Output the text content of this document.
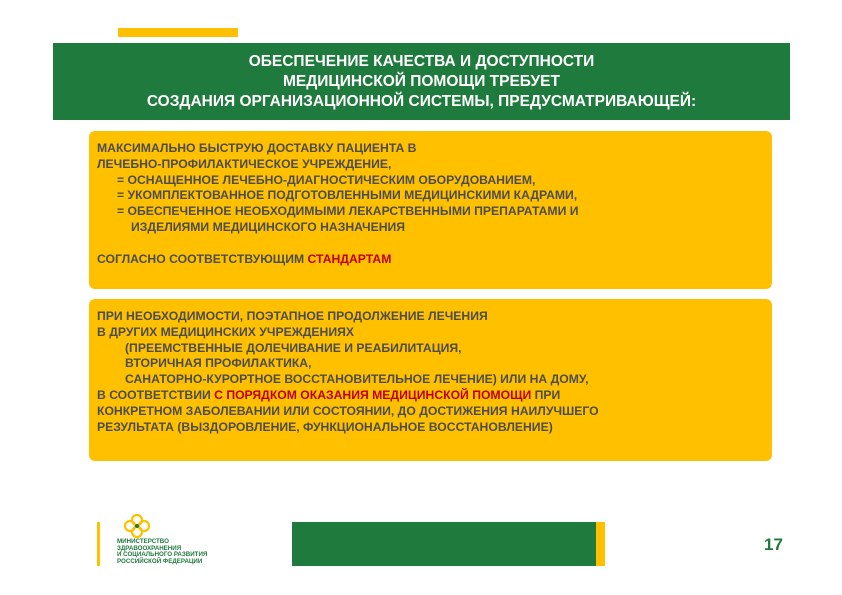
ОБЕСПЕЧЕНИЕ КАЧЕСТВА И ДОСТУПНОСТИ
МЕДИЦИНСКОЙ ПОМОЩИ ТРЕБУЕТ
СОЗДАНИЯ ОРГАНИЗАЦИОННОЙ СИСТЕМЫ, ПРЕДУСМАТРИВАЮЩЕЙ:
МАКСИМАЛЬНО БЫСТРУЮ ДОСТАВКУ ПАЦИЕНТА В
ЛЕЧЕБНО-ПРОФИЛАКТИЧЕСКОЕ УЧРЕЖДЕНИЕ,
= ОСНАЩЕННОЕ ЛЕЧЕБНО-ДИАГНОСТИЧЕСКИМ ОБОРУДОВАНИЕМ,
= УКОМПЛЕКТОВАННОЕ ПОДГОТОВЛЕННЫМИ МЕДИЦИНСКИМИ КАДРАМИ,
= ОБЕСПЕЧЕННОЕ НЕОБХОДИМЫМИ ЛЕКАРСТВЕННЫМИ ПРЕПАРАТАМИ И
ИЗДЕЛИЯМИ МЕДИЦИНСКОГО НАЗНАЧЕНИЯ
СОГЛАСНО СООТВЕТСТВУЮЩИМ СТАНДАРТАМ
ПРИ НЕОБХОДИМОСТИ, ПОЭТАПНОЕ ПРОДОЛЖЕНИЕ ЛЕЧЕНИЯ
В ДРУГИХ МЕДИЦИНСКИХ УЧРЕЖДЕНИЯХ
(ПРЕЕМСТВЕННЫЕ ДОЛЕЧИВАНИЕ И РЕАБИЛИТАЦИЯ,
ВТОРИЧНАЯ ПРОФИЛАКТИКА,
САНАТОРНО-КУРОРТНОЕ ВОССТАНОВИТЕЛЬНОЕ ЛЕЧЕНИЕ) ИЛИ НА ДОМУ,
В СООТВЕТСТВИИ С ПОРЯДКОМ ОКАЗАНИЯ МЕДИЦИНСКОЙ ПОМОЩИ ПРИ
КОНКРЕТНОМ ЗАБОЛЕВАНИИ ИЛИ СОСТОЯНИИ, ДО ДОСТИЖЕНИЯ НАИЛУЧШЕГО
РЕЗУЛЬТАТА (ВЫЗДОРОВЛЕНИЕ, ФУНКЦИОНАЛЬНОЕ ВОССТАНОВЛЕНИЕ)
МИНИСТЕРСТВО
ЗДРАВООХРАНЕНИЯ
И СОЦИАЛЬНОГО РАЗВИТИЯ
РОССИЙСКОЙ ФЕДЕРАЦИИ
17
